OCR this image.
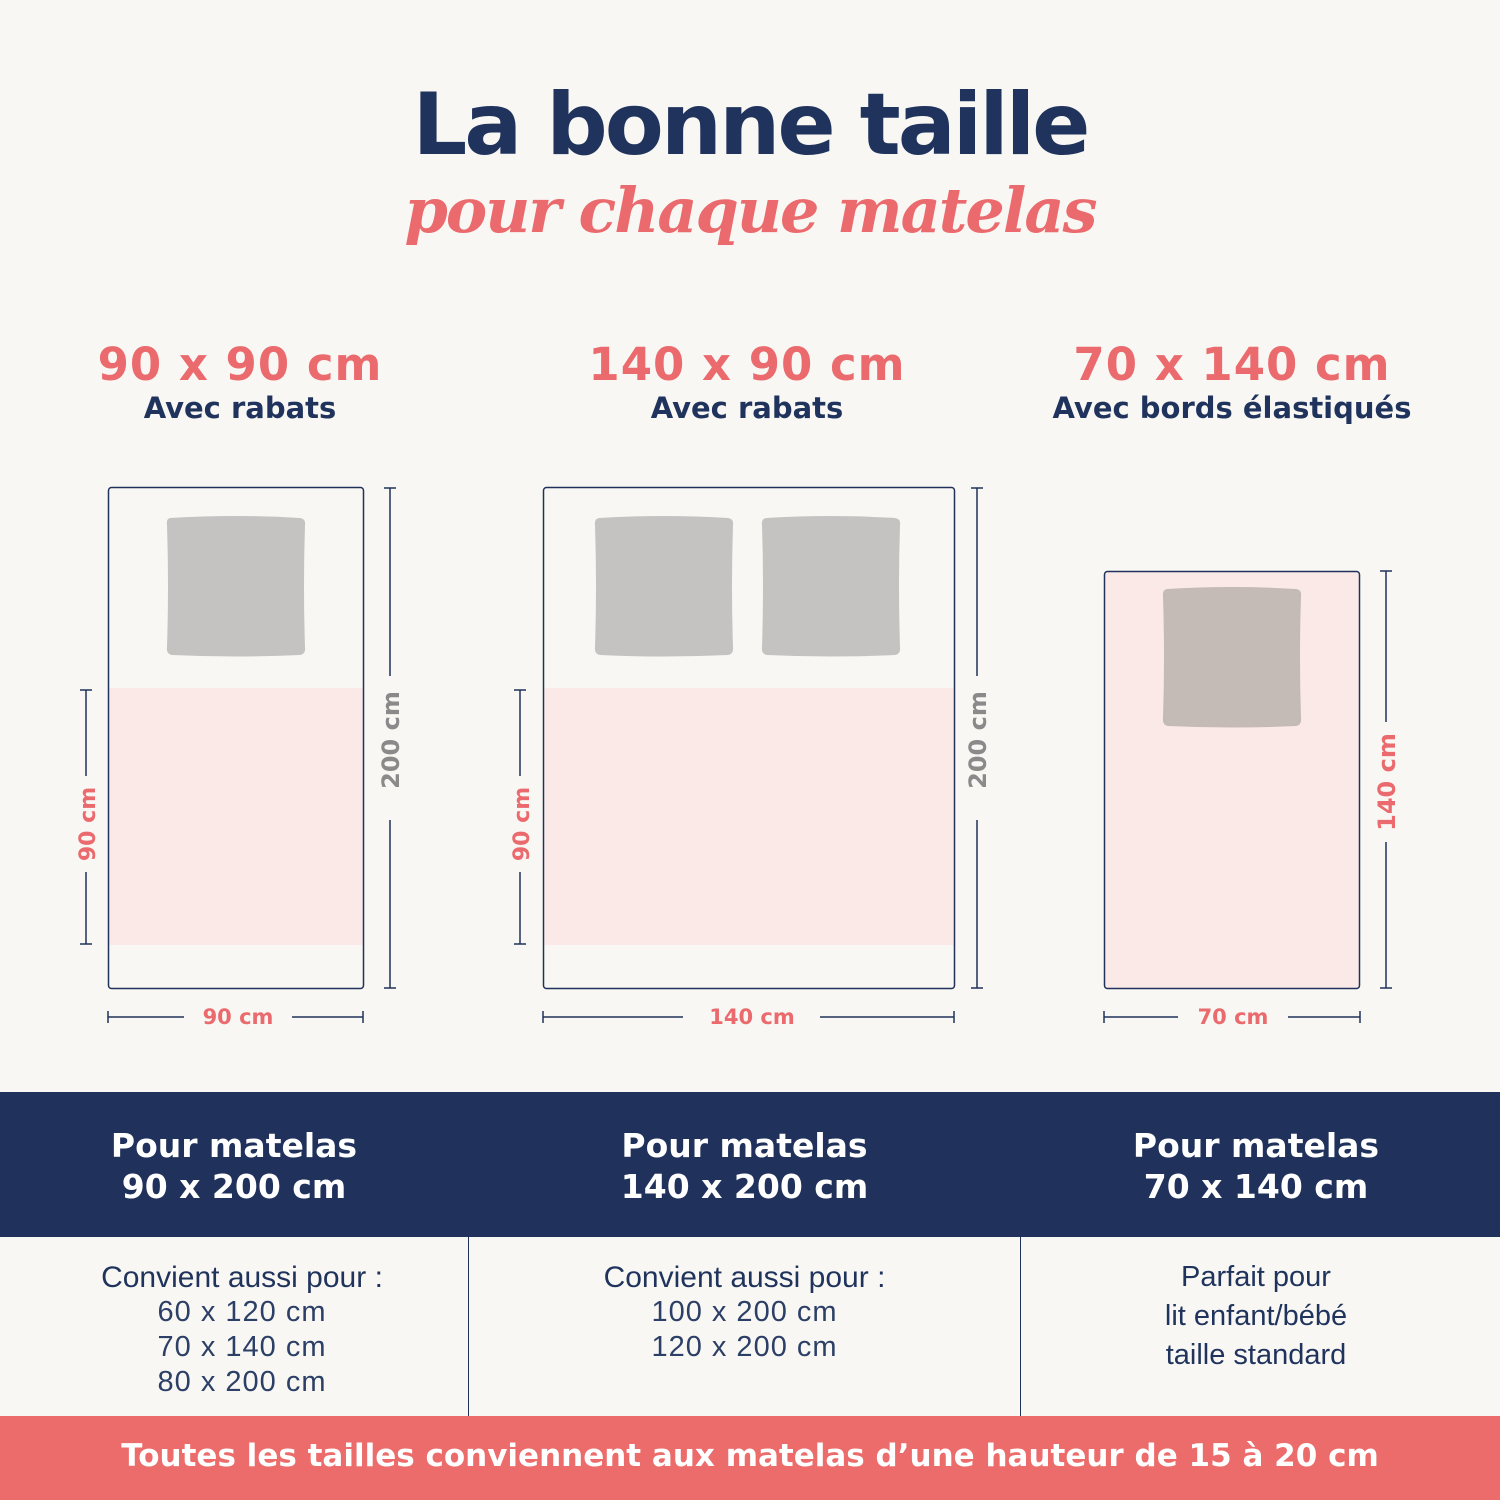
La bonne taille
pour chaque matelas
90 x 90 cm
Avec rabats
140 x 90 cm
Avec rabats
70 x 140 cm
Avec bords élastiqués
90 cm
200 cm
90 cm
90 cm
200 cm
140 cm
140 cm
70 cm
Pour matelas
90 x 200 cm
Pour matelas
140 x 200 cm
Pour matelas
70 x 140 cm
Convient aussi pour :
60 x 120 cm
70 x 140 cm
80 x 200 cm
Convient aussi pour :
100 x 200 cm
120 x 200 cm
Parfait pour
lit enfant/bébé
taille standard
Toutes les tailles conviennent aux matelas d’une hauteur de 15 à 20 cm
